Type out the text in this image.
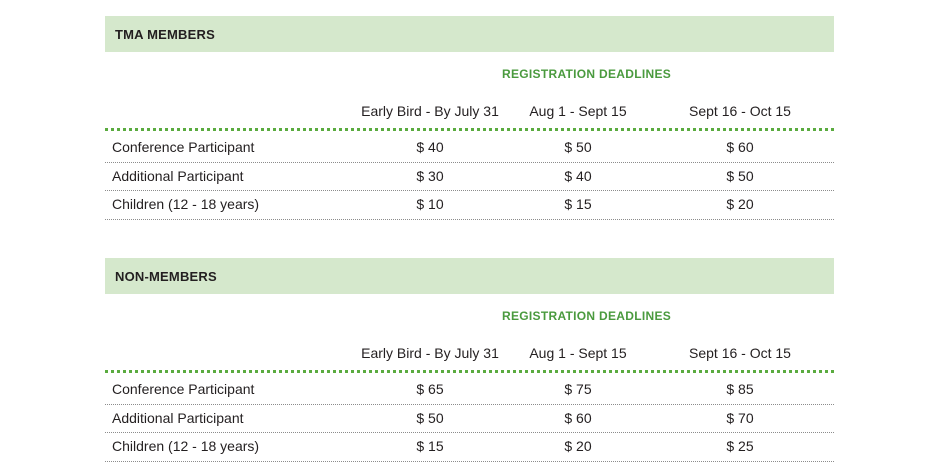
TMA MEMBERS
REGISTRATION DEADLINES
Early Bird - By July 31	Aug 1 - Sept 15	Sept 16 - Oct 15
Conference Participant	$ 40	$ 50	$ 60
Additional Participant	$ 30	$ 40	$ 50
Children (12 - 18 years)	$ 10	$ 15	$ 20
NON-MEMBERS
REGISTRATION DEADLINES
Early Bird - By July 31	Aug 1 - Sept 15	Sept 16 - Oct 15
Conference Participant	$ 65	$ 75	$ 85
Additional Participant	$ 50	$ 60	$ 70
Children (12 - 18 years)	$ 15	$ 20	$ 25
